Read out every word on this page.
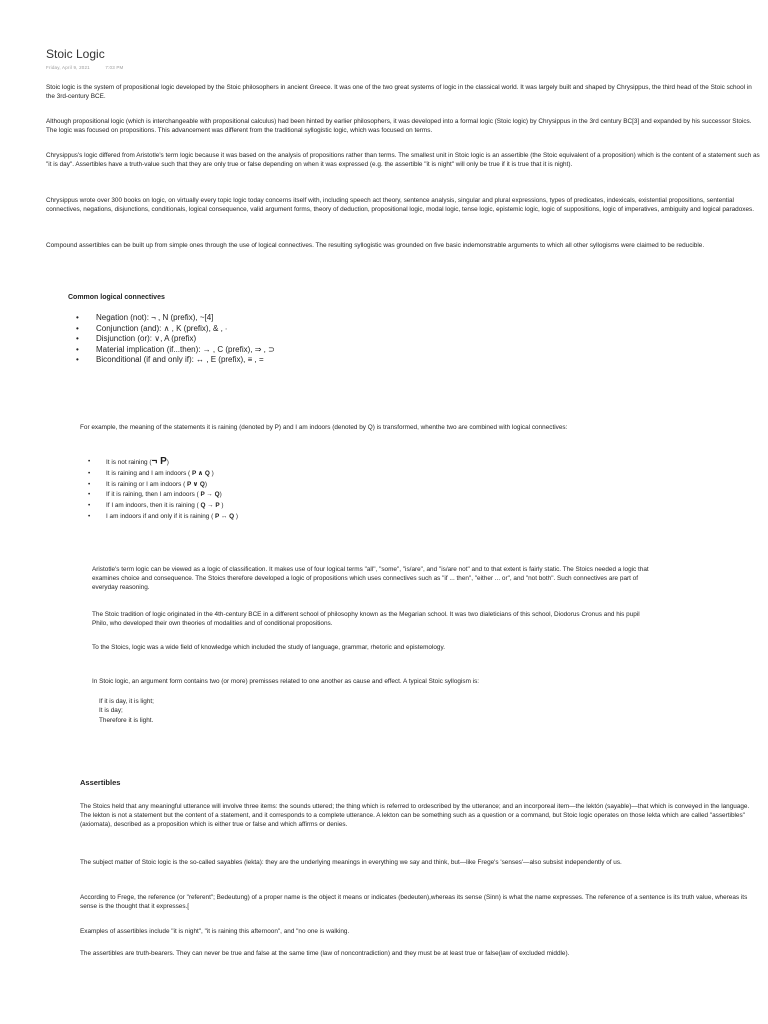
Stoic Logic
Friday, April 9, 2021	7:03 PM

Stoic logic is the system of propositional logic developed by the Stoic philosophers in ancient Greece. It was one of the two great systems of logic in the classical world. It was largely built and shaped by Chrysippus, the third head of the Stoic school in the 3rd-century BCE.

Although propositional logic (which is interchangeable with propositional calculus) had been hinted by earlier philosophers, it was developed into a formal logic (Stoic logic) by Chrysippus in the 3rd century BC[3] and expanded by his successor Stoics. The logic was focused on propositions. This advancement was different from the traditional syllogistic logic, which was focused on terms.

Chrysippus's logic differed from Aristotle's term logic because it was based on the analysis of propositions rather than terms. The smallest unit in Stoic logic is an assertible (the Stoic equivalent of a proposition) which is the content of a statement such as "it is day". Assertibles have a truth-value such that they are only true or false depending on when it was expressed (e.g. the assertible "it is night" will only be true if it is true that it is night).

Chrysippus wrote over 300 books on logic, on virtually every topic logic today concerns itself with, including speech act theory, sentence analysis, singular and plural expressions, types of predicates, indexicals, existential propositions, sentential connectives, negations, disjunctions, conditionals, logical consequence, valid argument forms, theory of deduction, propositional logic, modal logic, tense logic, epistemic logic, logic of suppositions, logic of imperatives, ambiguity and logical paradoxes.

Compound assertibles can be built up from simple ones through the use of logical connectives. The resulting syllogistic was grounded on five basic indemonstrable arguments to which all other syllogisms were claimed to be reducible.

Common logical connectives

• Negation (not): ¬ , N (prefix), ~[4]
• Conjunction (and): ∧ , K (prefix), & , ∙
• Disjunction (or): ∨, A (prefix)
• Material implication (if...then): → , C (prefix), ⇒ , ⊃
• Biconditional (if and only if): ↔ , E (prefix), ≡ , =

For example, the meaning of the statements it is raining (denoted by P) and I am indoors (denoted by Q) is transformed, whenthe two are combined with logical connectives:

• It is not raining (¬ P)
• It is raining and I am indoors ( P ∧ Q )
• It is raining or I am indoors ( P ∨ Q)
• If it is raining, then I am indoors ( P → Q)
• If I am indoors, then it is raining ( Q → P )
• I am indoors if and only if it is raining ( P ↔ Q )

Aristotle's term logic can be viewed as a logic of classification. It makes use of four logical terms "all", "some", "is/are", and "is/are not" and to that extent is fairly static. The Stoics needed a logic that examines choice and consequence. The Stoics therefore developed a logic of propositions which uses connectives such as "if ... then", "either ... or", and "not both". Such connectives are part of everyday reasoning.

The Stoic tradition of logic originated in the 4th-century BCE in a different school of philosophy known as the Megarian school. It was two dialeticians of this school, Diodorus Cronus and his pupil Philo, who developed their own theories of modalities and of conditional propositions.

To the Stoics, logic was a wide field of knowledge which included the study of language, grammar, rhetoric and epistemology.

In Stoic logic, an argument form contains two (or more) premisses related to one another as cause and effect. A typical Stoic syllogism is:

If it is day, it is light;

It is day;

Therefore it is light.

Assertibles

The Stoics held that any meaningful utterance will involve three items: the sounds uttered; the thing which is referred to ordescribed by the utterance; and an incorporeal item—the lektón (sayable)—that which is conveyed in the language. The lekton is not a statement but the content of a statement, and it corresponds to a complete utterance. A lekton can be something such as a question or a command, but Stoic logic operates on those lekta which are called "assertibles" (axiomata), described as a proposition which is either true or false and which affirms or denies.

The subject matter of Stoic logic is the so-called sayables (lekta): they are the underlying meanings in everything we say and think, but—like Frege's 'senses'—also subsist independently of us.

According to Frege, the reference (or "referent"; Bedeutung) of a proper name is the object it means or indicates (bedeuten),whereas its sense (Sinn) is what the name expresses. The reference of a sentence is its truth value, whereas its sense is the thought that it expresses.[

Examples of assertibles include "it is night", "it is raining this afternoon", and "no one is walking.

The assertibles are truth-bearers. They can never be true and false at the same time (law of noncontradiction) and they must be at least true or false(law of excluded middle).
